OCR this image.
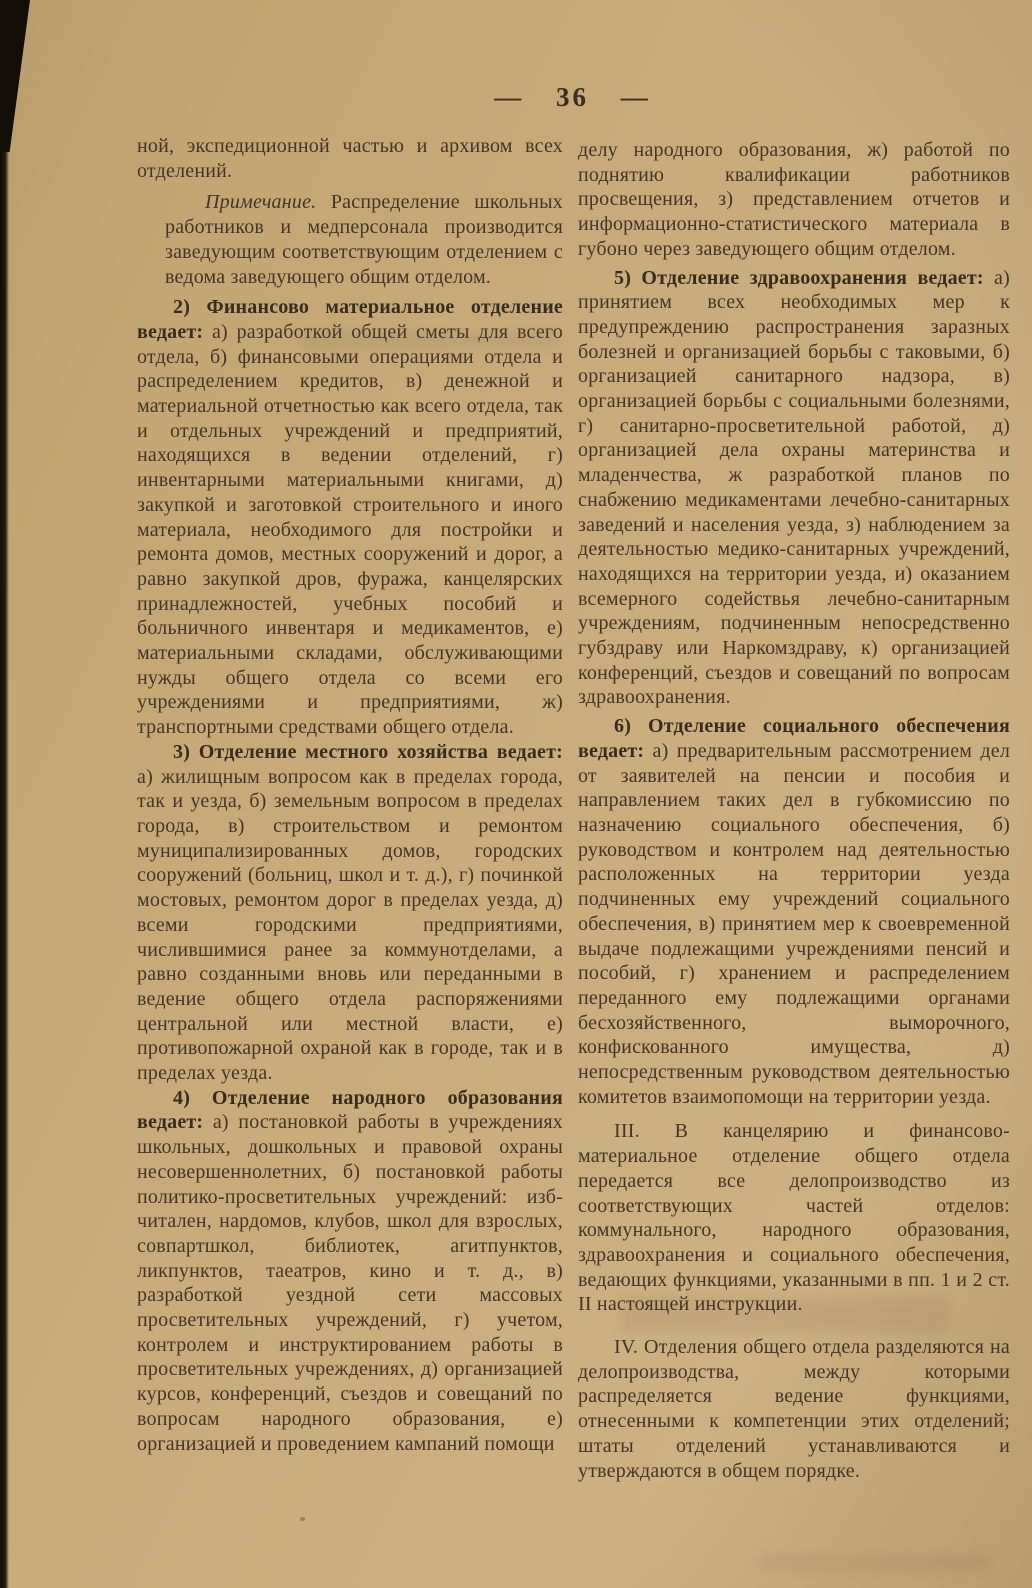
— 36 —

ной, экспедиционной частью и архивом всех отделений.

Примечание. Распределение школьных работников и медперсонала производится заведующим соответствующим отделением с ведома заведующего общим отделом.

2) Финансово материальное отделение ведает: а) разработкой общей сметы для всего отдела, б) финансовыми операциями отдела и распределением кредитов, в) денежной и материальной отчетностью как всего отдела, так и отдельных учреждений и предприятий, находящихся в ведении отделений, г) инвентарными материальными книгами, д) закупкой и заготовкой строительного и иного материала, необходимого для постройки и ремонта домов, местных сооружений и дорог, а равно закупкой дров, фуража, канцелярских принадлежностей, учебных пособий и больничного инвентаря и медикаментов, е) материальными складами, обслуживающими нужды общего отдела со всеми его учреждениями и предприятиями, ж) транспортными средствами общего отдела.

3) Отделение местного хозяйства ведает: а) жилищным вопросом как в пределах города, так и уезда, б) земельным вопросом в пределах города, в) строительством и ремонтом муниципализированных домов, городских сооружений (больниц, школ и т. д.), г) починкой мостовых, ремонтом дорог в пределах уезда, д) всеми городскими предприятиями, числившимися ранее за коммунотделами, а равно созданными вновь или переданными в ведение общего отдела распоряжениями центральной или местной власти, е) противопожарной охраной как в городе, так и в пределах уезда.

4) Отделение народного образования ведает: а) постановкой работы в учреждениях школьных, дошкольных и правовой охраны несовершеннолетних, б) постановкой работы политико-просветительных учреждений: изб-читален, нардомов, клубов, школ для взрослых, совпартшкол, библиотек, агитпунктов, ликпунктов, таеатров, кино и т. д., в) разработкой уездной сети массовых просветительных учреждений, г) учетом, контролем и инструктированием работы в просветительных учреждениях, д) организацией курсов, конференций, съездов и совещаний по вопросам народного образования, е) организацией и проведением кампаний помощи

делу народного образования, ж) работой по поднятию квалификации работников просвещения, з) представлением отчетов и информационно-статистического материала в губоно через заведующего общим отделом.

5) Отделение здравоохранения ведает: а) принятием всех необходимых мер к предупреждению распространения заразных болезней и организацией борьбы с таковыми, б) организацией санитарного надзора, в) организацией борьбы с социальными болезнями, г) санитарно-просветительной работой, д) организацией дела охраны материнства и младенчества, ж разработкой планов по снабжению медикаментами лечебно-санитарных заведений и населения уезда, з) наблюдением за деятельностью медико-санитарных учреждений, находящихся на территории уезда, и) оказанием всемерного содействья лечебно-санитарным учреждениям, подчиненным непосредственно губздраву или Наркомздраву, к) организацией конференций, съездов и совещаний по вопросам здравоохранения.

6) Отделение социального обеспечения ведает: а) предварительным рассмотрением дел от заявителей на пенсии и пособия и направлением таких дел в губкомиссию по назначению социального обеспечения, б) руководством и контролем над деятельностью расположенных на территории уезда подчиненных ему учреждений социального обеспечения, в) принятием мер к своевременной выдаче подлежащими учреждениями пенсий и пособий, г) хранением и распределением переданного ему подлежащими органами бесхозяйственного, выморочного, конфискованного имущества, д) непосредственным руководством деятельностью комитетов взаимопомощи на территории уезда.

III. В канцелярию и финансово-материальное отделение общего отдела передается все делопроизводство из соответствующих частей отделов: коммунального, народного образования, здравоохранения и социального обеспечения, ведающих функциями, указанными в пп. 1 и 2 ст. II настоящей инструкции.

IV. Отделения общего отдела разделяются на делопроизводства, между которыми распределяется ведение функциями, отнесенными к компетенции этих отделений; штаты отделений устанавливаются и утверждаются в общем порядке.
